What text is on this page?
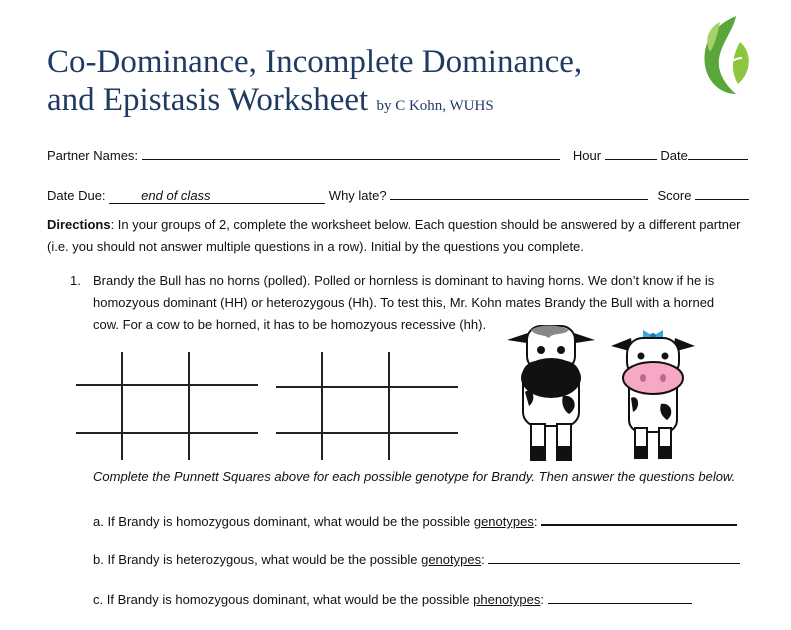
Co-Dominance, Incomplete Dominance,
and Epistasis Worksheet by C Kohn, WUHS
Partner Names:	Hour	Date
Date Due:	end of class	Why late?	Score
Directions: In your groups of 2, complete the worksheet below. Each question should be answered by a different partner (i.e. you should not answer multiple questions in a row). Initial by the questions you complete.
1. Brandy the Bull has no horns (polled). Polled or hornless is dominant to having horns. We don’t know if he is
homozyous dominant (HH) or heterozygous (Hh). To test this, Mr. Kohn mates Brandy the Bull with a horned
cow. For a cow to be horned, it has to be homozyous recessive (hh).
Complete the Punnett Squares above for each possible genotype for Brandy. Then answer the questions below.
a. If Brandy is homozygous dominant, what would be the possible genotypes:
b. If Brandy is heterozygous, what would be the possible genotypes:
c. If Brandy is homozygous dominant, what would be the possible phenotypes:
